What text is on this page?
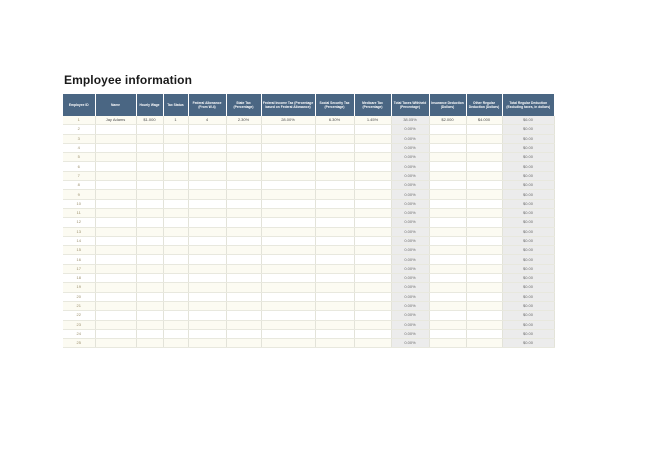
Employee information
Employee ID	Name	Hourly Wage	Tax Status	Federal Allowance (From W-4)	State Tax (Percentage)	Federal Income Tax (Percentage based on Federal Allowance)	Social Security Tax (Percentage)	Medicare Tax (Percentage)	Total Taxes Withheld (Percentage)	Insurance Deduction (Dollars)	Other Regular Deduction (Dollars)	Total Regular Deduction (Excluding taxes, in dollars)
1	Jay Adams	$1.000	1	4	2.30%	28.00%	6.30%	1.45%	38.05%	$2.000	$4.000	$6.00
2									0.00%			$0.00
3									0.00%			$0.00
4									0.00%			$0.00
5									0.00%			$0.00
6									0.00%			$0.00
7									0.00%			$0.00
8									0.00%			$0.00
9									0.00%			$0.00
10									0.00%			$0.00
11									0.00%			$0.00
12									0.00%			$0.00
13									0.00%			$0.00
14									0.00%			$0.00
15									0.00%			$0.00
16									0.00%			$0.00
17									0.00%			$0.00
18									0.00%			$0.00
19									0.00%			$0.00
20									0.00%			$0.00
21									0.00%			$0.00
22									0.00%			$0.00
23									0.00%			$0.00
24									0.00%			$0.00
25									0.00%			$0.00
